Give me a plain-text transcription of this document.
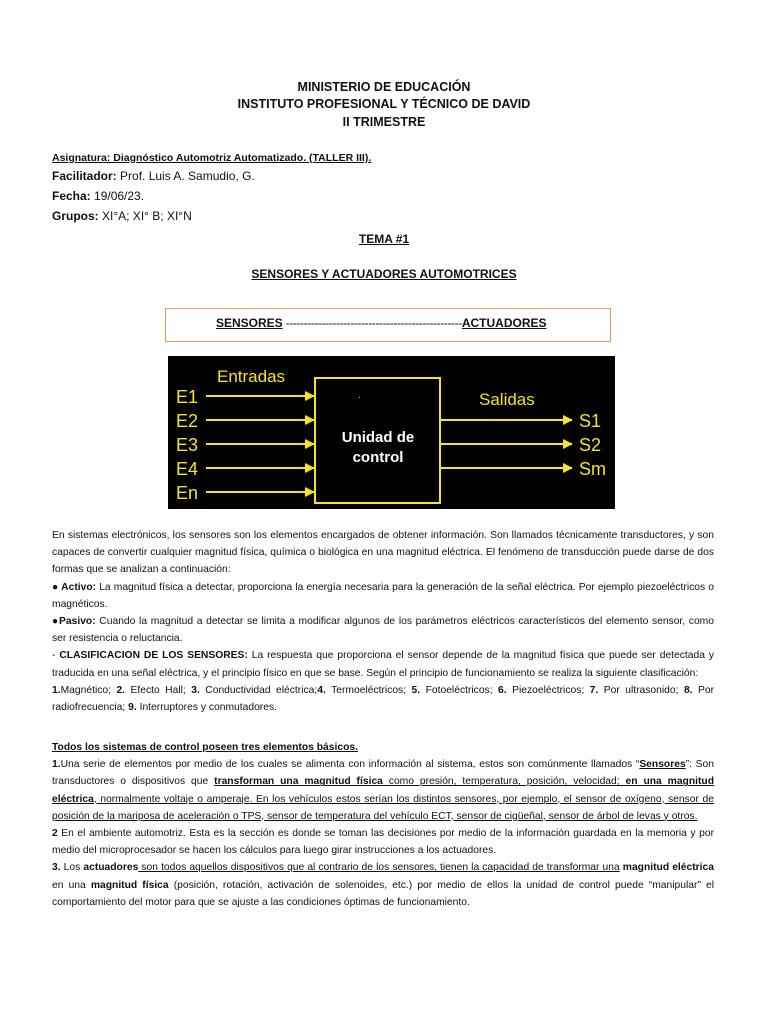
MINISTERIO DE EDUCACIÓN
INSTITUTO PROFESIONAL Y TÉCNICO DE DAVID
II TRIMESTRE
Asignatura: Diagnóstico Automotriz Automatizado. (TALLER III).
Facilitador: Prof. Luis A. Samudio, G.
Fecha: 19/06/23.
Grupos: XI°A; XI° B; XI°N
TEMA #1
SENSORES Y ACTUADORES AUTOMOTRICES
SENSORES -------------------------------------------------ACTUADORES
Entradas
Salidas
.
Unidad de
control
E1
E2
E3
E4
En
S1
S2
Sm

En sistemas electrónicos, los sensores son los elementos encargados de obtener información. Son llamados técnicamente transductores, y son capaces de convertir cualquier magnitud física, química o biológica en una magnitud eléctrica. El fenómeno de transducción puede darse de dos formas que se analizan a continuación:

● Activo: La magnitud física a detectar, proporciona la energía necesaria para la generación de la señal eléctrica. Por ejemplo piezoeléctricos o magnéticos.

●Pasivo: Cuando la magnitud a detectar se limita a modificar algunos de los parámetros eléctricos característicos del elemento sensor, como ser resistencia o reluctancia.

- CLASIFICACION DE LOS SENSORES: La respuesta que proporciona el sensor depende de la magnitud física que puede ser detectada y traducida en una señal eléctrica, y el principio físico en que se base. Según el principio de funcionamiento se realiza la siguiente clasificación:

1.Magnético; 2. Efecto Hall; 3. Conductividad eléctrica;4. Termoeléctricos; 5. Fotoeléctricos; 6. Piezoeléctricos; 7. Por ultrasonido; 8. Por radiofrecuencia; 9. Interruptores y conmutadores.

Todos los sistemas de control poseen tres elementos básicos.

1.Una serie de elementos por medio de los cuales se alimenta con información al sistema, estos son comúnmente llamados “Sensores”: Son transductores o dispositivos que transforman una magnitud física como presión, temperatura, posición, velocidad; en una magnitud eléctrica, normalmente voltaje o amperaje. En los vehículos estos serían los distintos sensores, por ejemplo, el sensor de oxígeno, sensor de posición de la mariposa de aceleración o TPS, sensor de temperatura del vehículo ECT, sensor de cigüeñal, sensor de árbol de levas y otros.

2 En el ambiente automotriz. Esta es la sección es donde se toman las decisiones por medio de la información guardada en la memoria y por medio del microprocesador se hacen los cálculos para luego girar instrucciones a los actuadores.

3. Los actuadores son todos aquellos dispositivos que al contrario de los sensores, tienen la capacidad de transformar una magnitud eléctrica en una magnitud física (posición, rotación, activación de solenoides, etc.) por medio de ellos la unidad de control puede “manipular” el comportamiento del motor para que se ajuste a las condiciones óptimas de funcionamiento.
